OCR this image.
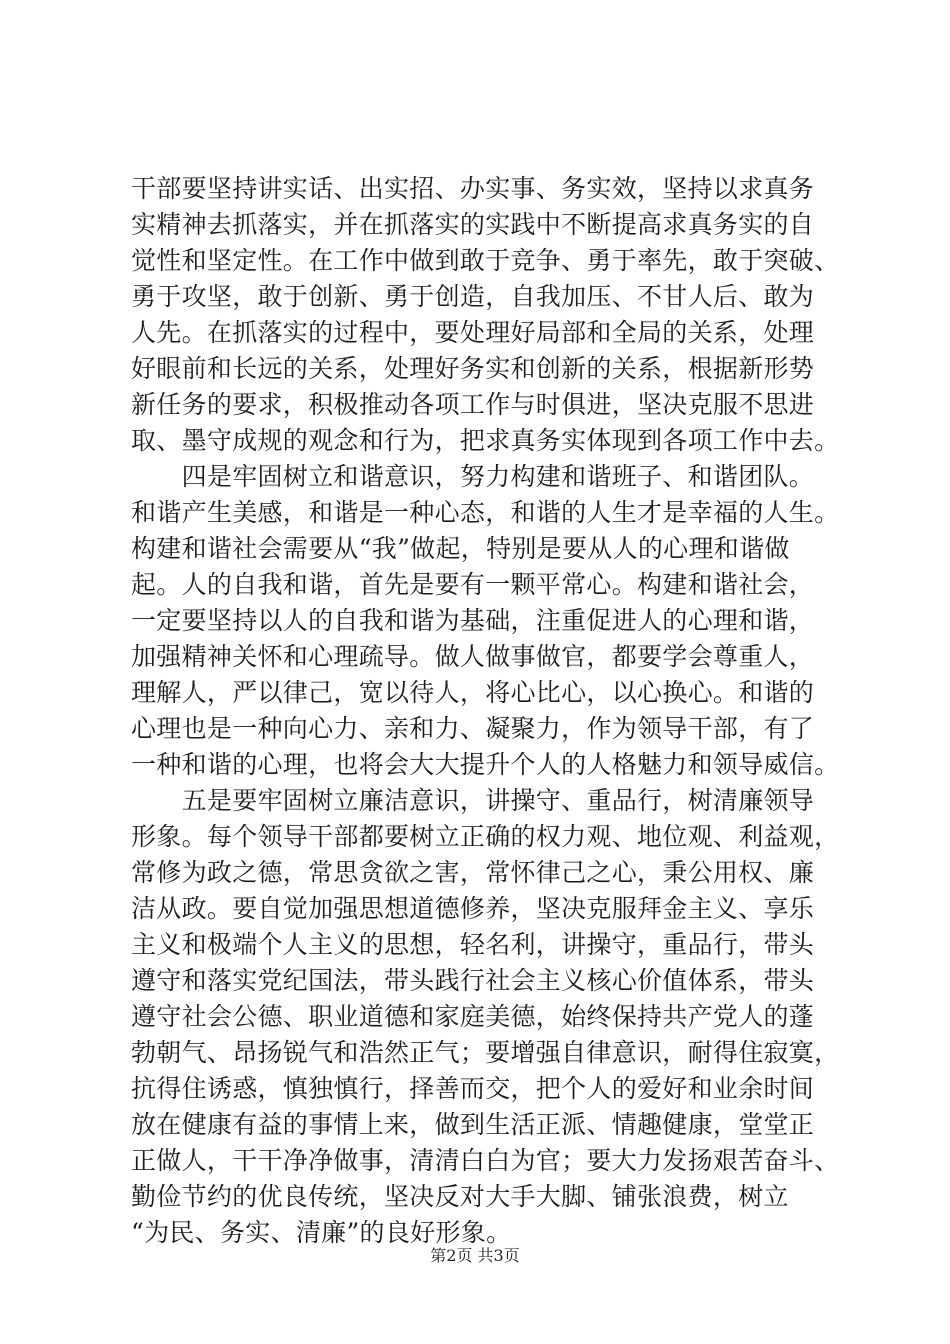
干部要坚持讲实话、出实招、办实事、务实效，坚持以求真务
实精神去抓落实，并在抓落实的实践中不断提高求真务实的自
觉性和坚定性。在工作中做到敢于竞争、勇于率先，敢于突破、
勇于攻坚，敢于创新、勇于创造，自我加压、不甘人后、敢为
人先。在抓落实的过程中，要处理好局部和全局的关系，处理
好眼前和长远的关系，处理好务实和创新的关系，根据新形势
新任务的要求，积极推动各项工作与时俱进，坚决克服不思进
取、墨守成规的观念和行为，把求真务实体现到各项工作中去。
　　四是牢固树立和谐意识，努力构建和谐班子、和谐团队。
和谐产生美感，和谐是一种心态，和谐的人生才是幸福的人生。
构建和谐社会需要从“我”做起，特别是要从人的心理和谐做
起。人的自我和谐，首先是要有一颗平常心。构建和谐社会，
一定要坚持以人的自我和谐为基础，注重促进人的心理和谐，
加强精神关怀和心理疏导。做人做事做官，都要学会尊重人，
理解人，严以律己，宽以待人，将心比心，以心换心。和谐的
心理也是一种向心力、亲和力、凝聚力，作为领导干部，有了
一种和谐的心理，也将会大大提升个人的人格魅力和领导威信。
　　五是要牢固树立廉洁意识，讲操守、重品行，树清廉领导
形象。每个领导干部都要树立正确的权力观、地位观、利益观，
常修为政之德，常思贪欲之害，常怀律己之心，秉公用权、廉
洁从政。要自觉加强思想道德修养，坚决克服拜金主义、享乐
主义和极端个人主义的思想，轻名利，讲操守，重品行，带头
遵守和落实党纪国法，带头践行社会主义核心价值体系，带头
遵守社会公德、职业道德和家庭美德，始终保持共产党人的蓬
勃朝气、昂扬锐气和浩然正气；要增强自律意识，耐得住寂寞，
抗得住诱惑，慎独慎行，择善而交，把个人的爱好和业余时间
放在健康有益的事情上来，做到生活正派、情趣健康，堂堂正
正做人，干干净净做事，清清白白为官；要大力发扬艰苦奋斗、
勤俭节约的优良传统，坚决反对大手大脚、铺张浪费，树立
“为民、务实、清廉”的良好形象。
第2页 共3页
